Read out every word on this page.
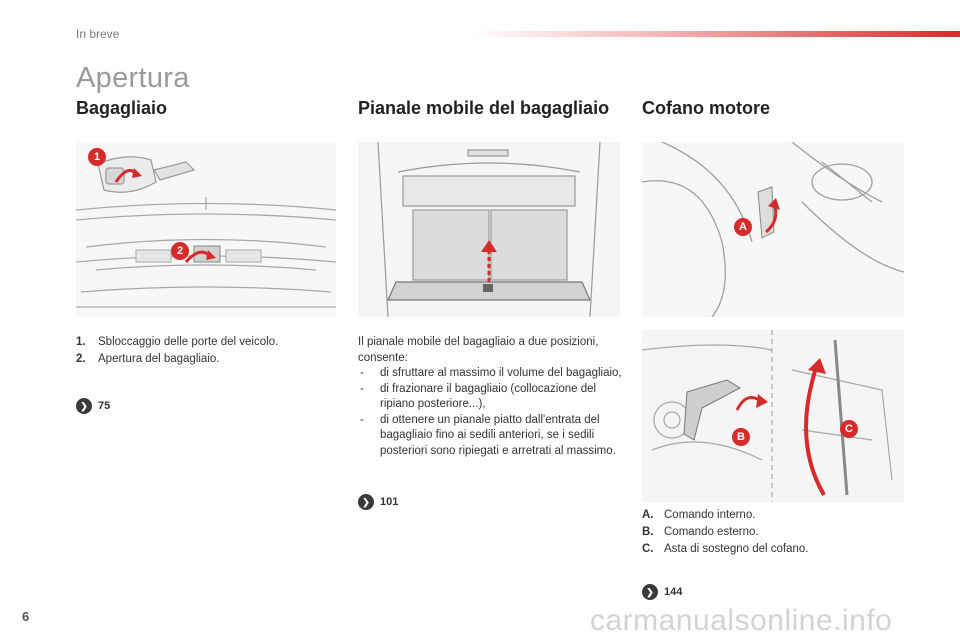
In breve
Apertura
Bagagliaio
1
2
1.	Sbloccaggio delle porte del veicolo.
2.	Apertura del bagagliaio.
❯ 75
Pianale mobile del bagagliaio
Il pianale mobile del bagagliaio a due posizioni, consente:
- di sfruttare al massimo il volume del bagagliaio,
- di frazionare il bagagliaio (collocazione del ripiano posteriore...),
- di ottenere un pianale piatto dall'entrata del bagagliaio fino ai sedili anteriori, se i sedili posteriori sono ripiegati e arretrati al massimo.
❯ 101
Cofano motore
A
B
C
A. Comando interno.
B. Comando esterno.
C. Asta di sostegno del cofano.
❯ 144
6	carmanualsonline.info
